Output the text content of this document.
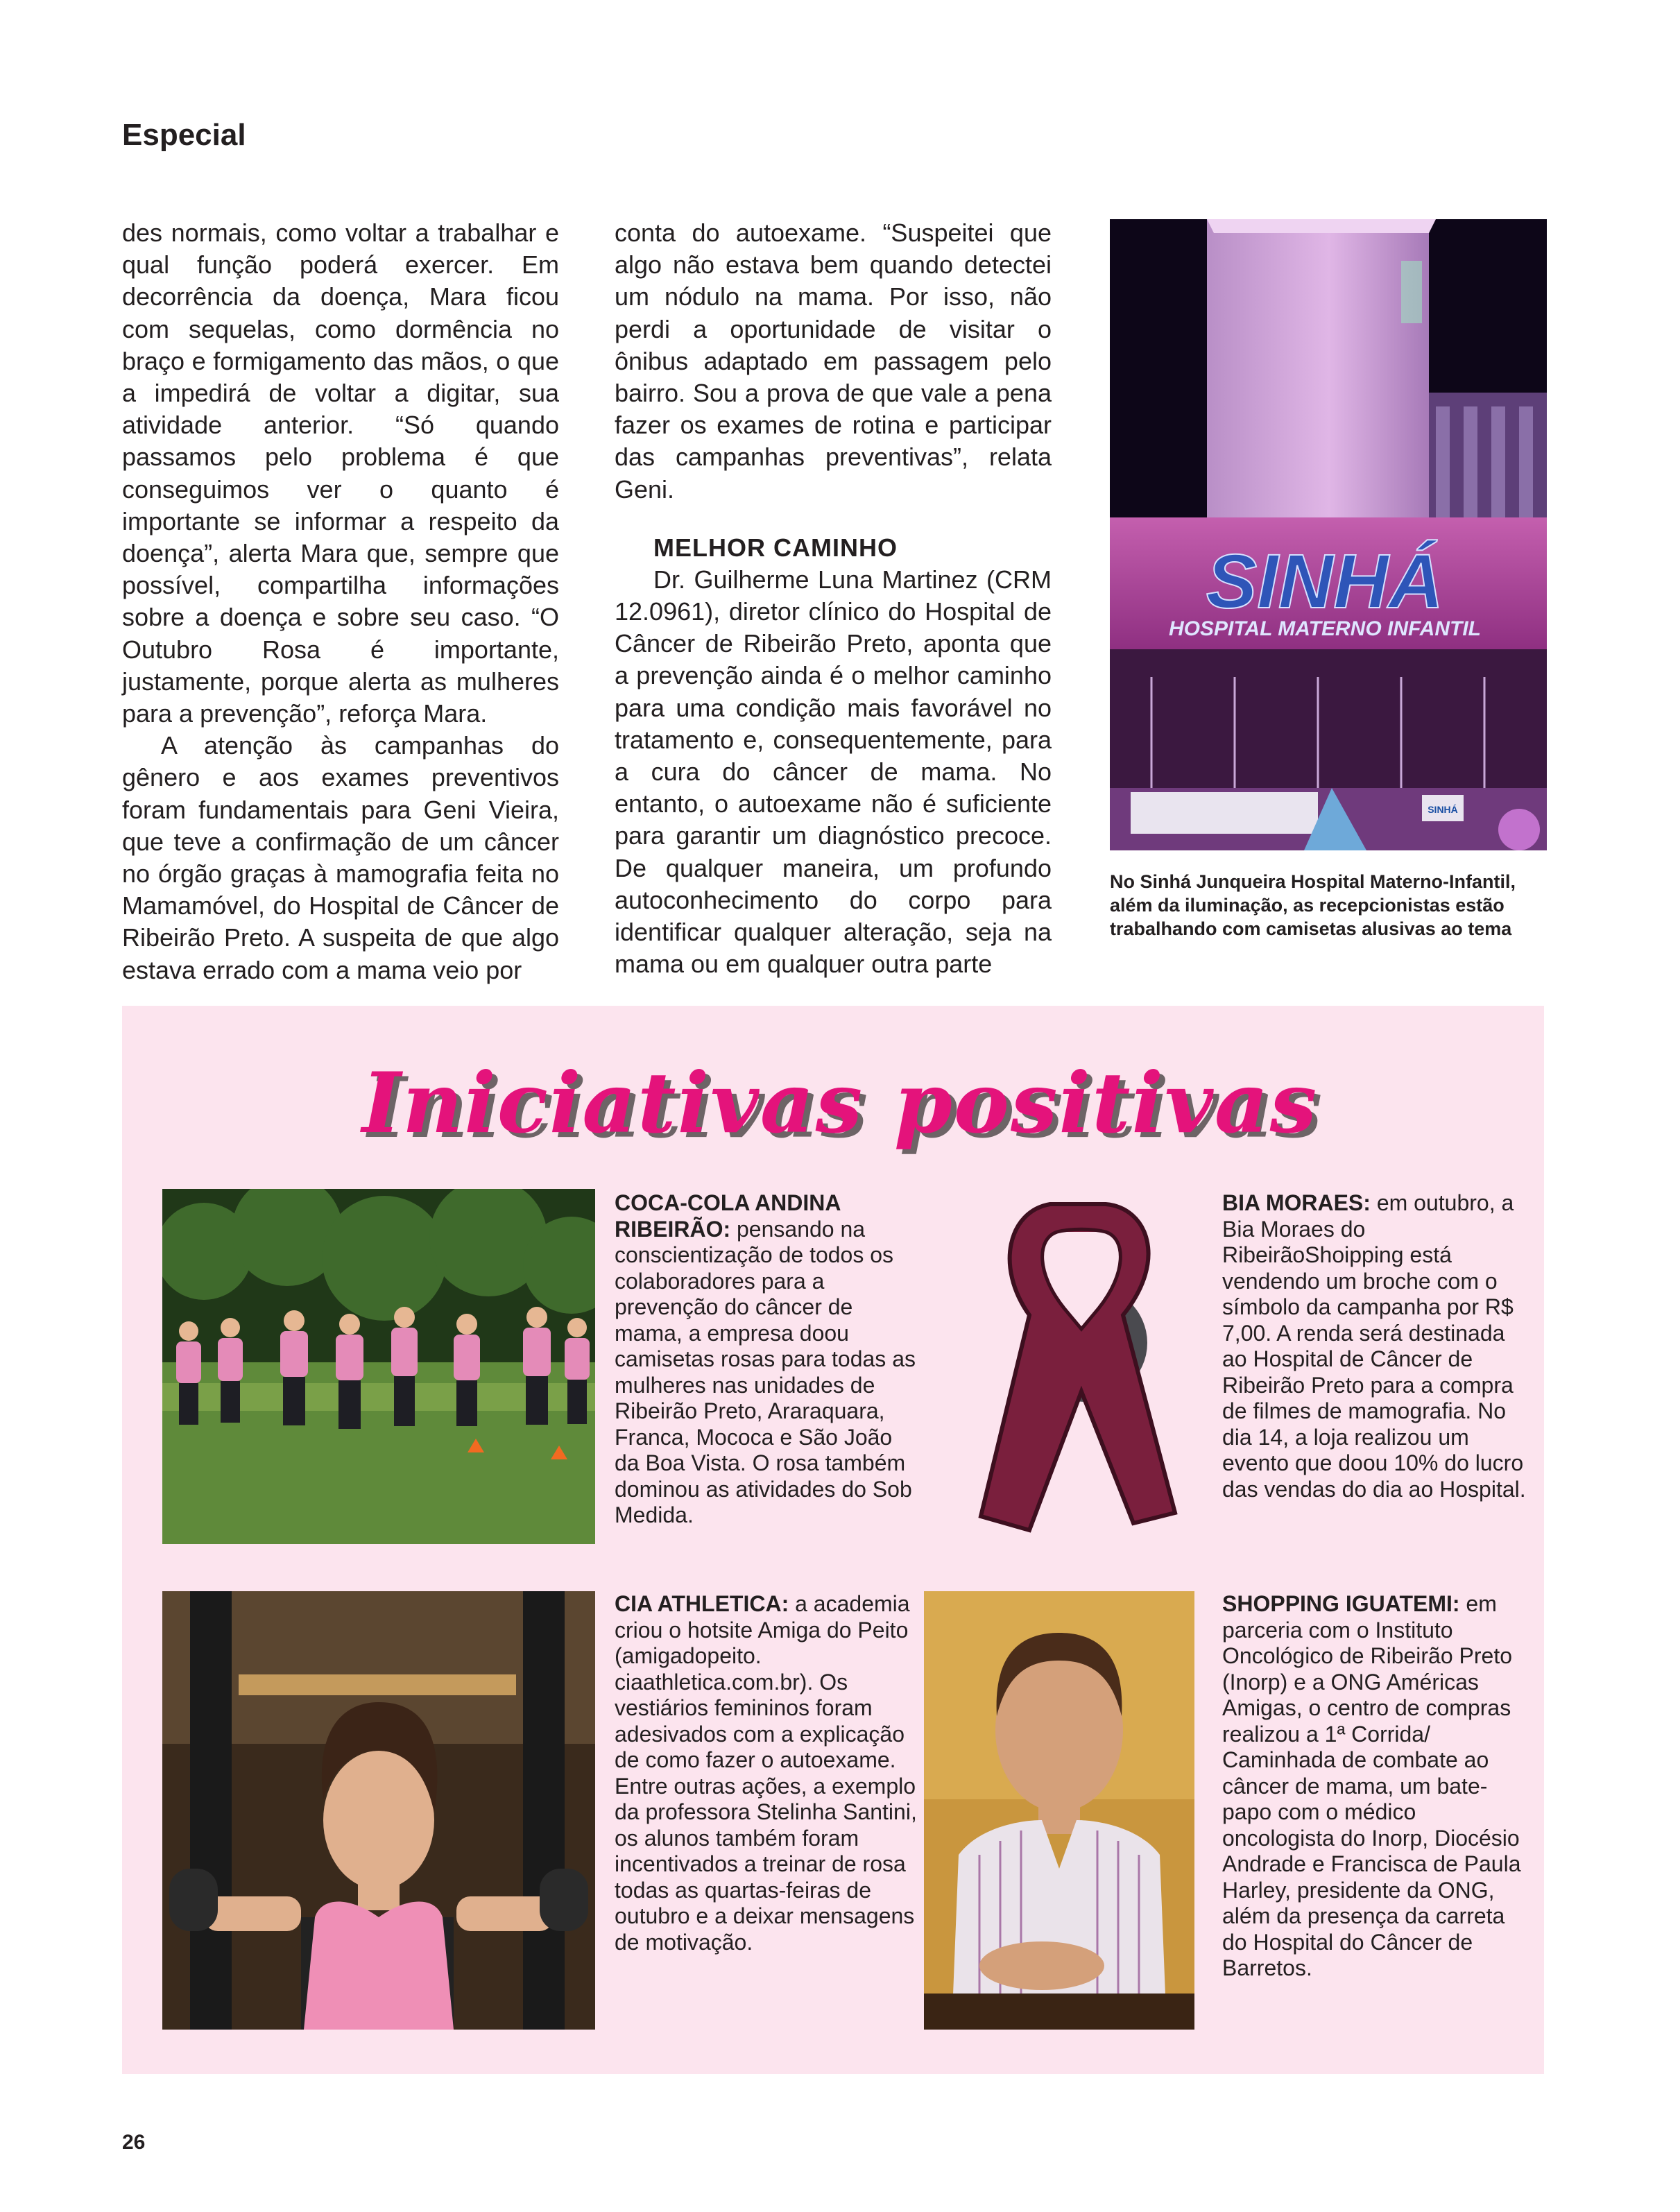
Especial

des normais, como voltar a trabalhar e qual função poderá exercer. Em decorrência da doença, Mara ficou com sequelas, como dormência no braço e formigamento das mãos, o que a impedirá de voltar a digitar, sua atividade anterior. “Só quando passamos pelo problema é que conseguimos ver o quanto é importante se informar a respeito da doença”, alerta Mara que, sempre que possível, compartilha informações sobre a doença e sobre seu caso. “O Outubro Rosa é importante, justamente, porque alerta as mulheres para a prevenção”, reforça Mara.

A atenção às campanhas do gênero e aos exames preventivos foram fundamentais para Geni Vieira, que teve a confirmação de um câncer no órgão graças à mamografia feita no Mamamóvel, do Hospital de Câncer de Ribeirão Preto. A suspeita de que algo estava errado com a mama veio por

conta do autoexame. “Suspeitei que algo não estava bem quando detectei um nódulo na mama. Por isso, não perdi a oportunidade de visitar o ônibus adaptado em passagem pelo bairro. Sou a prova de que vale a pena fazer os exames de rotina e participar das campanhas preventivas”, relata Geni.

MELHOR CAMINHO

Dr. Guilherme Luna Martinez (CRM 12.0961), diretor clínico do Hospital de Câncer de Ribeirão Preto, aponta que a prevenção ainda é o melhor caminho para uma condição mais favorável no tratamento e, consequentemente, para a cura do câncer de mama. No entanto, o autoexame não é suficiente para garantir um diagnóstico precoce. De qualquer maneira, um profundo autoconhecimento do corpo para identificar qualquer alteração, seja na mama ou em qualquer outra parte

SINHÁ
SINHÁ
HOSPITAL MATERNO INFANTIL
No Sinhá Junqueira Hospital Materno-Infantil, além da iluminação, as recepcionistas estão trabalhando com camisetas alusivas ao tema
Iniciativas positivas
COCA-COLA ANDINA RIBEIRÃO: pensando na conscientização de todos os colaboradores para a prevenção do câncer de mama, a empresa doou camisetas rosas para todas as mulheres nas unidades de Ribeirão Preto, Araraquara, Franca, Mococa e São João da Boa Vista. O rosa também dominou as atividades do Sob Medida.
BIA MORAES: em outubro, a Bia Moraes do RibeirãoShoipping está vendendo um broche com o símbolo da campanha por R$ 7,00. A renda será destinada ao Hospital de Câncer de Ribeirão Preto para a compra de filmes de mamografia. No dia 14, a loja realizou um evento que doou 10% do lucro das vendas do dia ao Hospital.
CIA ATHLETICA: a academia criou o hotsite Amiga do Peito (amigadopeito. ciaathletica.com.br). Os vestiários femininos foram adesivados com a explicação de como fazer o autoexame. Entre outras ações, a exemplo da professora Stelinha Santini, os alunos também foram incentivados a treinar de rosa todas as quartas-feiras de outubro e a deixar mensagens de motivação.
SHOPPING IGUATEMI: em parceria com o Instituto Oncológico de Ribeirão Preto (Inorp) e a ONG Américas Amigas, o centro de compras realizou a 1ª Corrida/ Caminhada de combate ao câncer de mama, um bate-papo com o médico oncologista do Inorp, Diocésio Andrade e Francisca de Paula Harley, presidente da ONG, além da presença da carreta do Hospital do Câncer de Barretos.
26
